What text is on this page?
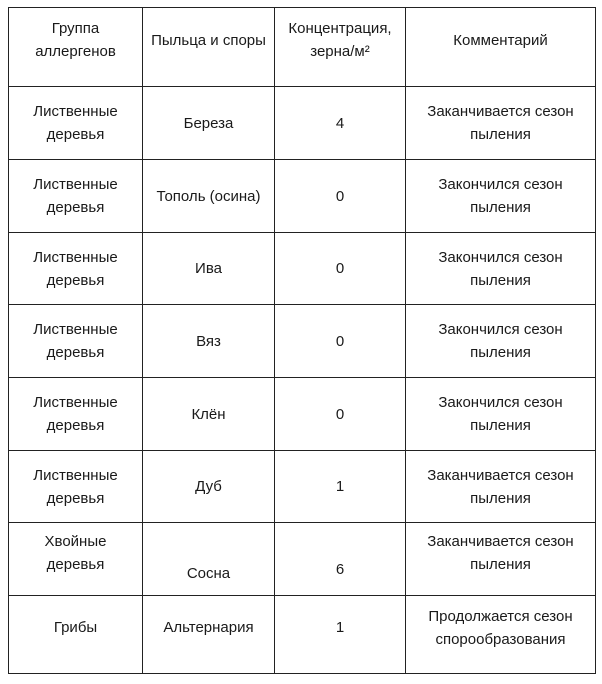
Группа аллергенов	Пыльца и споры	Концентрация, зерна/м²	Комментарий
Лиственные деревья	Береза	4	Заканчивается сезон пыления
Лиственные деревья	Тополь (осина)	0	Закончился сезон пыления
Лиственные деревья	Ива	0	Закончился сезон пыления
Лиственные деревья	Вяз	0	Закончился сезон пыления
Лиственные деревья	Клён	0	Закончился сезон пыления
Лиственные деревья	Дуб	1	Заканчивается сезон пыления
Хвойные деревья	Сосна	6	Заканчивается сезон пыления
Грибы	Альтернария	1	Продолжается сезон спорообразования
